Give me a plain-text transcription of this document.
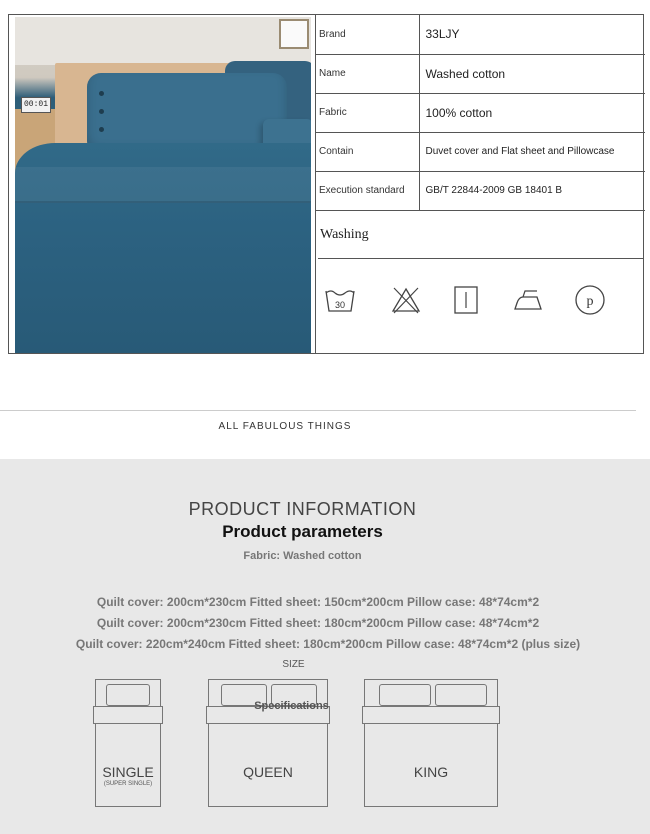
00:01
Brand	33LJY
Name	Washed cotton
Fabric	100% cotton
Contain	Duvet cover and Flat sheet and Pillowcase
Execution standard	GB/T 22844-2009 GB 18401 B
Washing
30	p
ALL FABULOUS THINGS
PRODUCT INFORMATION
Product parameters
Fabric: Washed cotton
Quilt cover: 200cm*230cm Fitted sheet: 150cm*200cm Pillow case: 48*74cm*2
Quilt cover: 200cm*230cm Fitted sheet: 180cm*200cm Pillow case: 48*74cm*2
Quilt cover: 220cm*240cm Fitted sheet: 180cm*200cm Pillow case: 48*74cm*2 (plus size)
SIZE
SINGLE
(SUPER SINGLE)
QUEEN	KING
Specifications
